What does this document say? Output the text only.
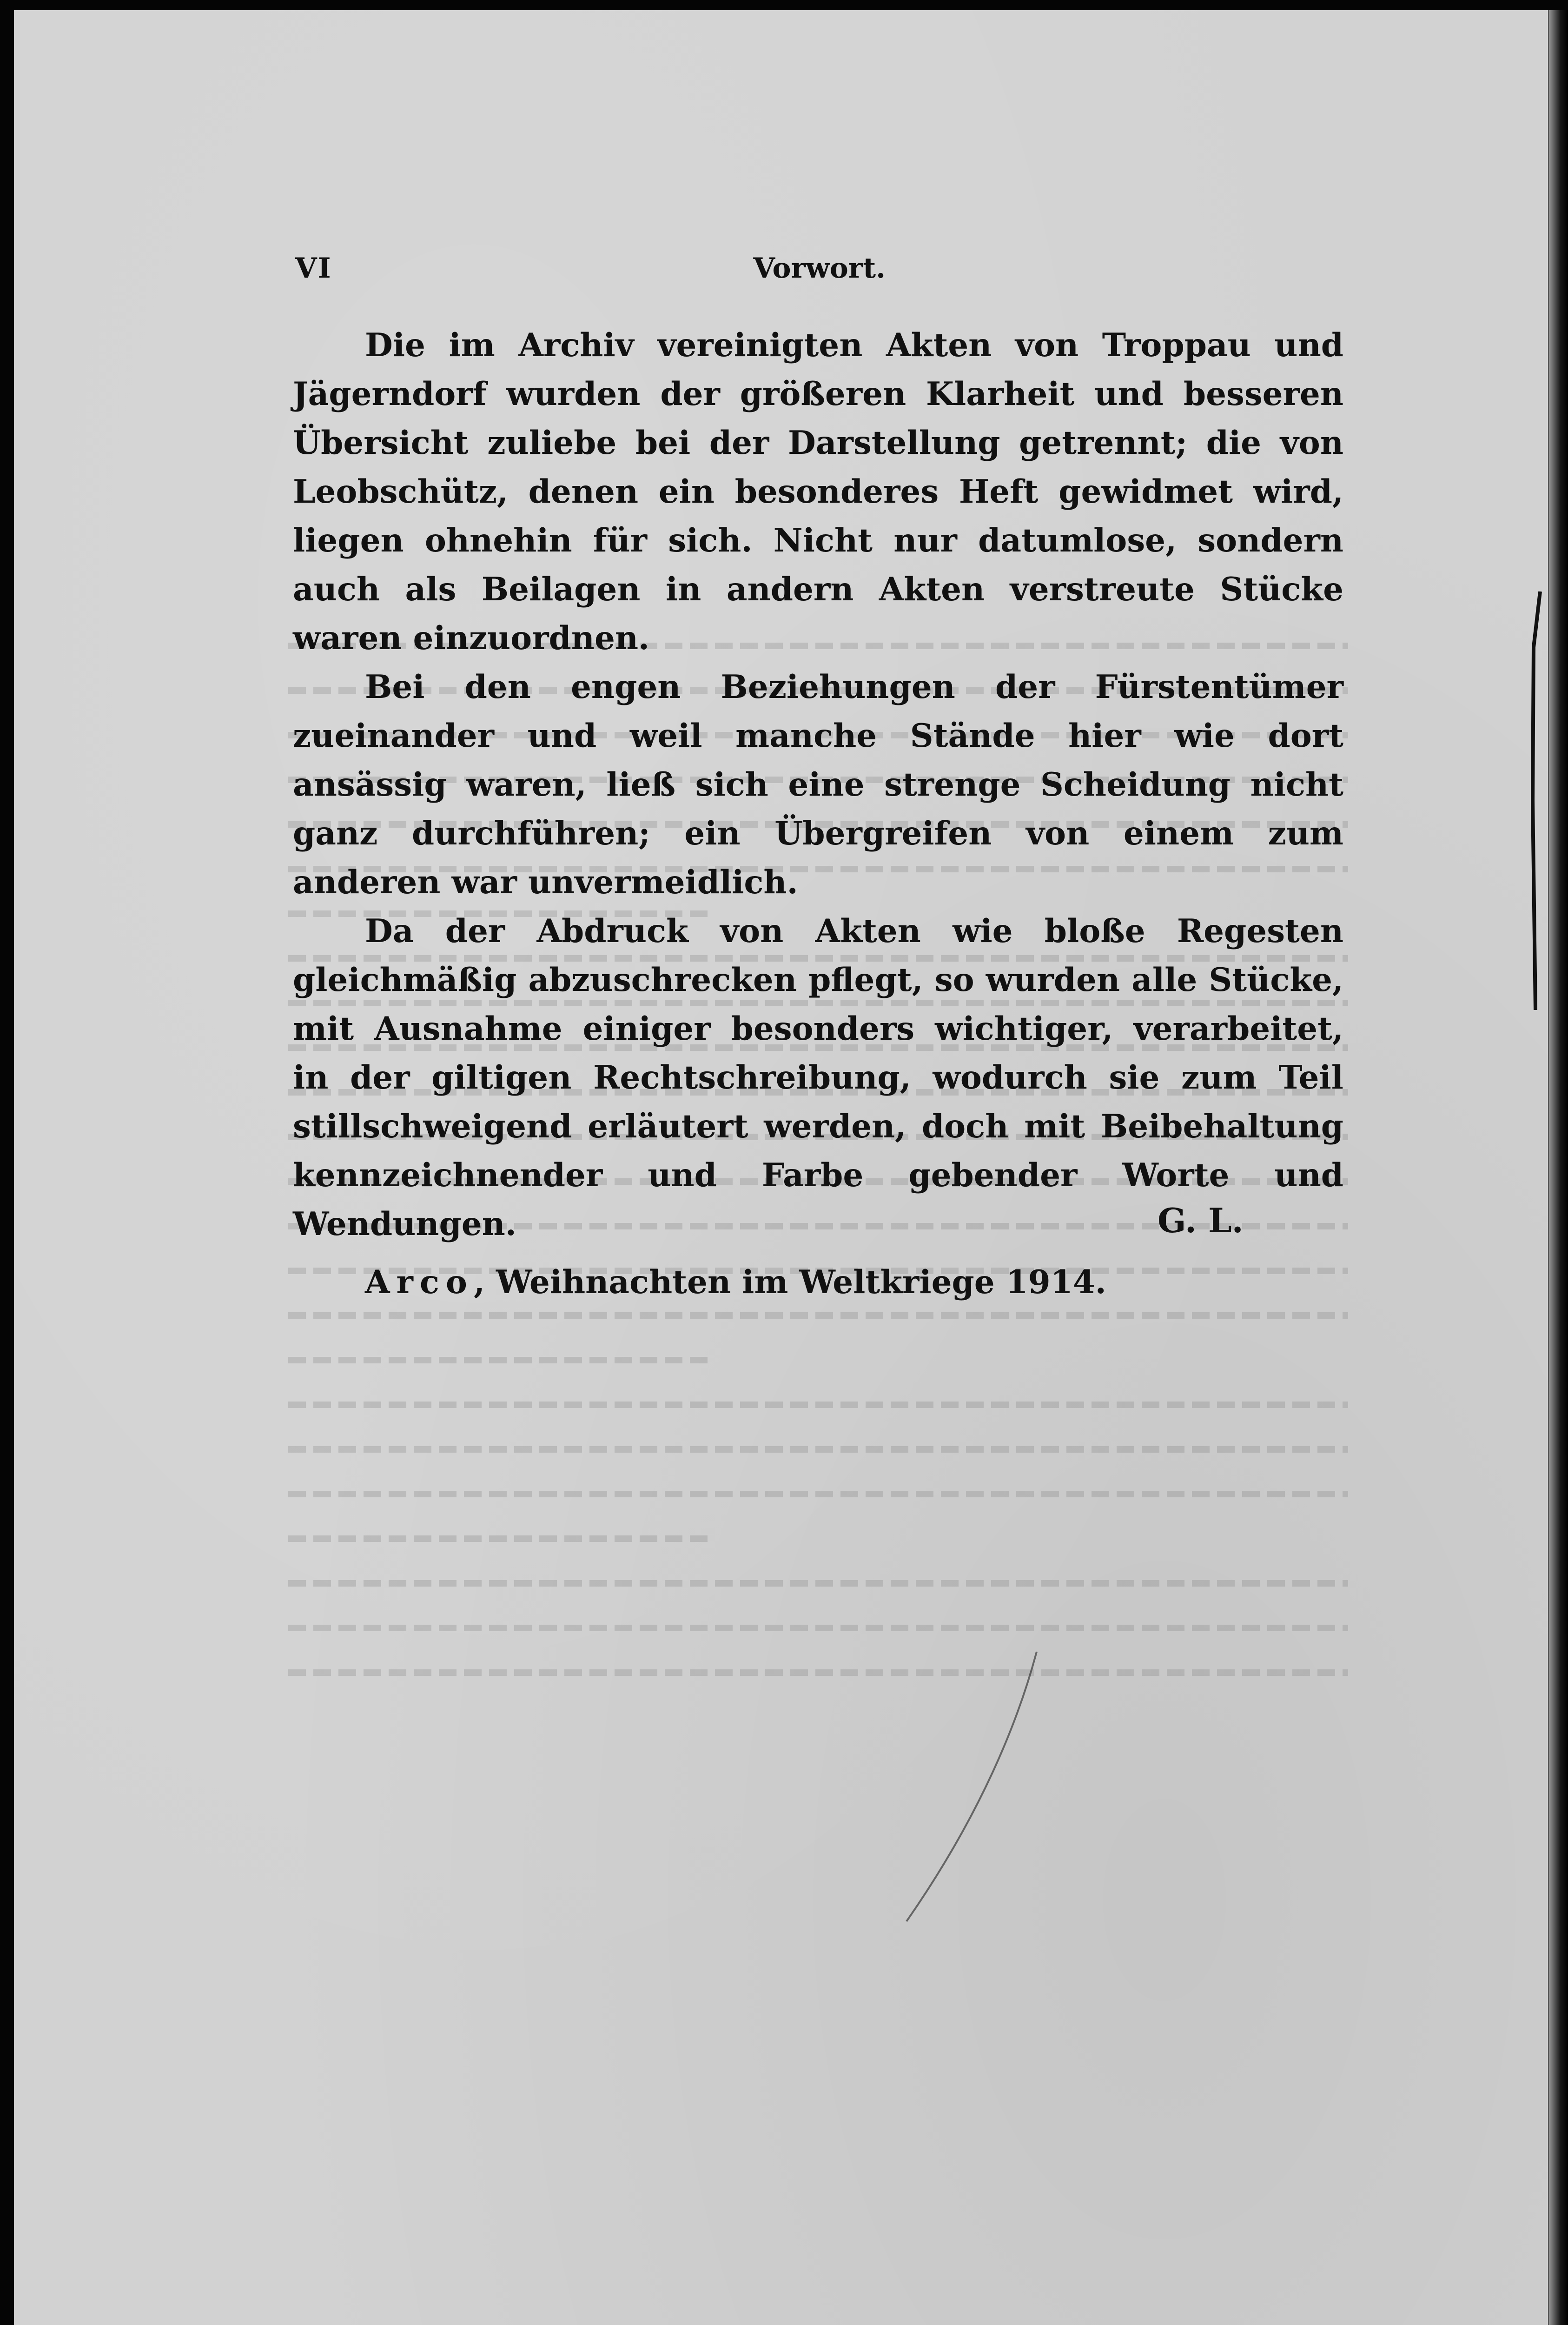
VI	Vorwort.

Die im Archiv vereinigten Akten von Troppau und Jägerndorf wurden der größeren Klarheit und besseren Übersicht zuliebe bei der Darstellung getrennt; die von Leobschütz, denen ein besonderes Heft gewidmet wird, liegen ohnehin für sich. Nicht nur datumlose, sondern auch als Beilagen in andern Akten verstreute Stücke waren einzuordnen.

Bei den engen Beziehungen der Fürstentümer zueinander und weil manche Stände hier wie dort ansässig waren, ließ sich eine strenge Scheidung nicht ganz durchführen; ein Übergreifen von einem zum anderen war unvermeidlich.

Da der Abdruck von Akten wie bloße Regesten gleichmäßig abzuschrecken pflegt, so wurden alle Stücke, mit Ausnahme einiger besonders wichtiger, verarbeitet, in der giltigen Rechtschreibung, wodurch sie zum Teil stillschweigend erläutert werden, doch mit Beibehaltung kennzeichnender und Farbe gebender Worte und Wendungen.

Arco, Weihnachten im Weltkriege 1914.

G. L.
